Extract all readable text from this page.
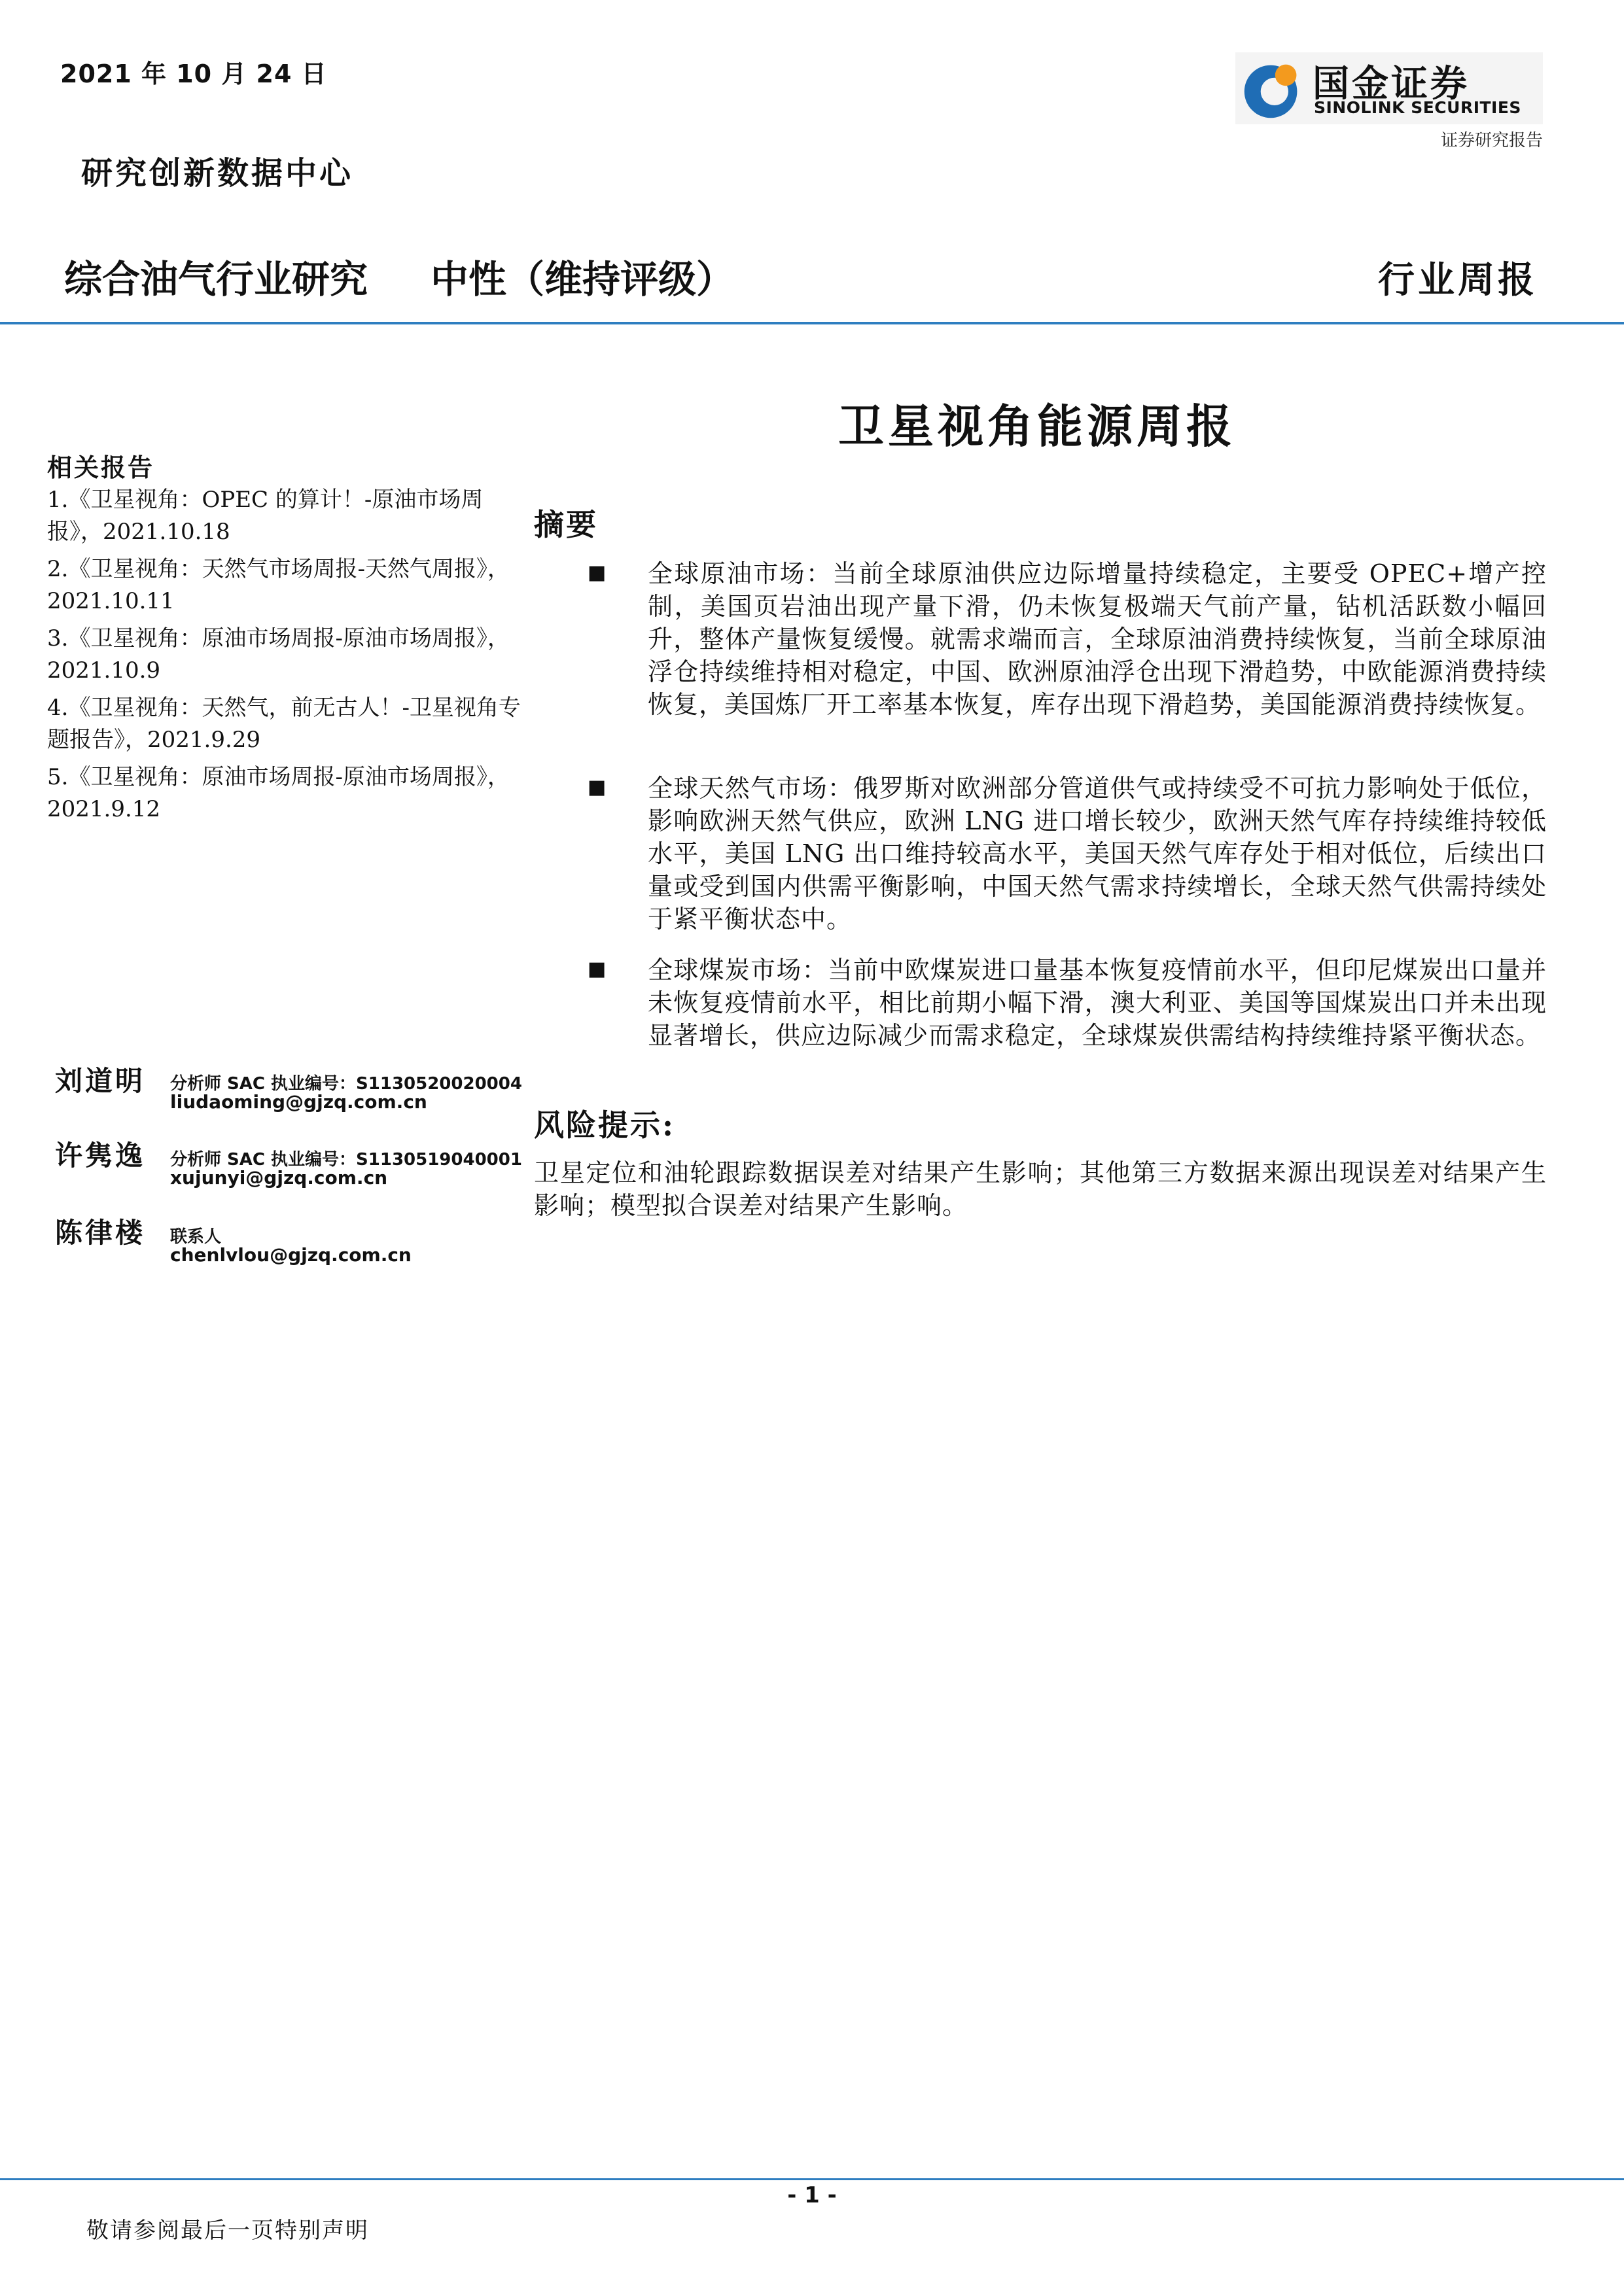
2021 年 10 月 24 日	国金证券
SINOLINK SECURITIES
证券研究报告
研究创新数据中心
综合油气行业研究 中性（维持评级）	行业周报
卫星视角能源周报
相关报告
1.《卫星视角：OPEC 的算计！-原油市场周报》，2021.10.18
2.《卫星视角：天然气市场周报-天然气周报》，2021.10.11
3.《卫星视角：原油市场周报-原油市场周报》，2021.10.9
4.《卫星视角：天然气，前无古人！-卫星视角专题报告》，2021.9.29
5.《卫星视角：原油市场周报-原油市场周报》，2021.9.12
摘要
■ 全球原油市场：当前全球原油供应边际增量持续稳定，主要受 OPEC+增产控制，美国页岩油出现产量下滑，仍未恢复极端天气前产量，钻机活跃数小幅回升，整体产量恢复缓慢。就需求端而言，全球原油消费持续恢复，当前全球原油浮仓持续维持相对稳定，中国、欧洲原油浮仓出现下滑趋势，中欧能源消费持续恢复，美国炼厂开工率基本恢复，库存出现下滑趋势，美国能源消费持续恢复。
■ 全球天然气市场：俄罗斯对欧洲部分管道供气或持续受不可抗力影响处于低位，影响欧洲天然气供应，欧洲 LNG 进口增长较少，欧洲天然气库存持续维持较低水平，美国 LNG 出口维持较高水平，美国天然气库存处于相对低位，后续出口量或受到国内供需平衡影响，中国天然气需求持续增长，全球天然气供需持续处于紧平衡状态中。
■ 全球煤炭市场：当前中欧煤炭进口量基本恢复疫情前水平，但印尼煤炭出口量并未恢复疫情前水平，相比前期小幅下滑，澳大利亚、美国等国煤炭出口并未出现显著增长，供应边际减少而需求稳定，全球煤炭供需结构持续维持紧平衡状态。
风险提示:
卫星定位和油轮跟踪数据误差对结果产生影响；其他第三方数据来源出现误差对结果产生影响；模型拟合误差对结果产生影响。
刘道明 分析师 SAC 执业编号：S1130520020004
liudaoming@gjzq.com.cn
许隽逸 分析师 SAC 执业编号：S1130519040001
xujunyi@gjzq.com.cn
陈律楼 联系人
chenlvlou@gjzq.com.cn
- 1 -
敬请参阅最后一页特别声明
